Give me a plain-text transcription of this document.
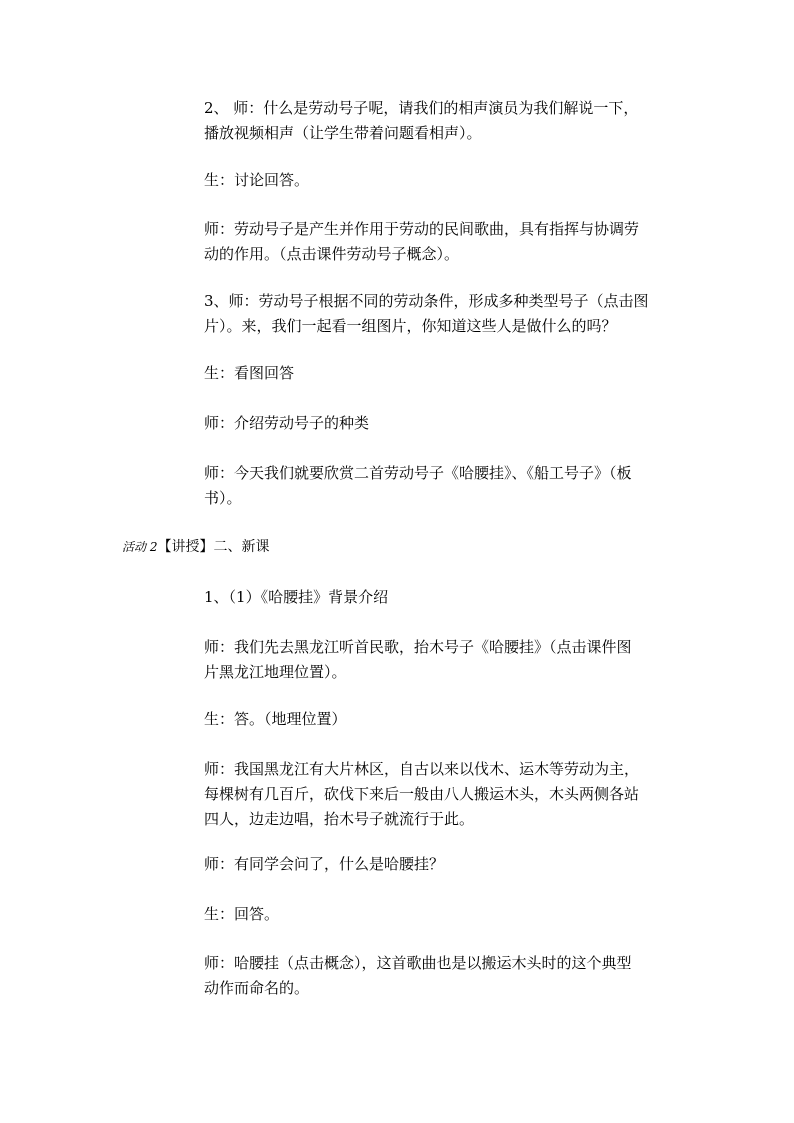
2、 师：什么是劳动号子呢，请我们的相声演员为我们解说一下，
播放视频相声（让学生带着问题看相声）。
生：讨论回答。
师：劳动号子是产生并作用于劳动的民间歌曲，具有指挥与协调劳
动的作用。（点击课件劳动号子概念）。
3、师：劳动号子根据不同的劳动条件，形成多种类型号子（点击图
片）。来，我们一起看一组图片，你知道这些人是做什么的吗？
生：看图回答
师：介绍劳动号子的种类
师：今天我们就要欣赏二首劳动号子《哈腰挂》、《船工号子》（板
书）。
活动 2【讲授】二、新课
1、（1）《哈腰挂》背景介绍
师：我们先去黑龙江听首民歌，抬木号子《哈腰挂》（点击课件图
片黑龙江地理位置）。
生：答。（地理位置）
师：我国黑龙江有大片林区，自古以来以伐木、运木等劳动为主，
每棵树有几百斤，砍伐下来后一般由八人搬运木头，木头两侧各站
四人，边走边唱，抬木号子就流行于此。
师：有同学会问了，什么是哈腰挂？
生：回答。
师：哈腰挂（点击概念），这首歌曲也是以搬运木头时的这个典型
动作而命名的。
